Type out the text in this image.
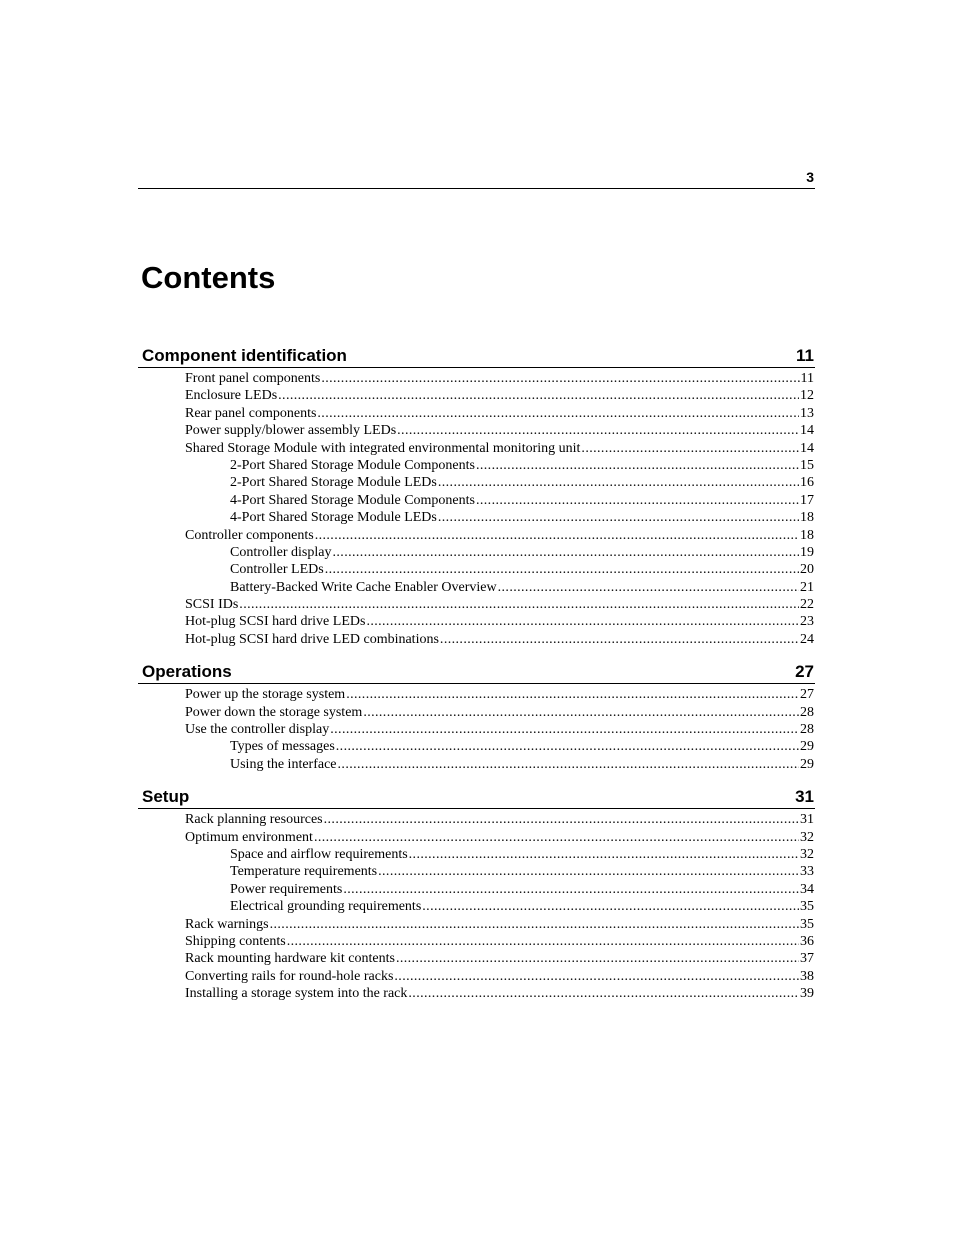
3
Contents
Component identification	11
Front panel components .....	11
Enclosure LEDs .....	12
Rear panel components .....	13
Power supply/blower assembly LEDs .....	14
Shared Storage Module with integrated environmental monitoring unit .....	14
2-Port Shared Storage Module Components .....	15
2-Port Shared Storage Module LEDs .....	16
4-Port Shared Storage Module Components .....	17
4-Port Shared Storage Module LEDs .....	18
Controller components .....	18
Controller display .....	19
Controller LEDs .....	20
Battery-Backed Write Cache Enabler Overview .....	21
SCSI IDs .....	22
Hot-plug SCSI hard drive LEDs .....	23
Hot-plug SCSI hard drive LED combinations .....	24
Operations	27
Power up the storage system .....	27
Power down the storage system .....	28
Use the controller display .....	28
Types of messages .....	29
Using the interface .....	29
Setup	31
Rack planning resources .....	31
Optimum environment .....	32
Space and airflow requirements .....	32
Temperature requirements .....	33
Power requirements .....	34
Electrical grounding requirements .....	35
Rack warnings .....	35
Shipping contents .....	36
Rack mounting hardware kit contents .....	37
Converting rails for round-hole racks .....	38
Installing a storage system into the rack .....	39
